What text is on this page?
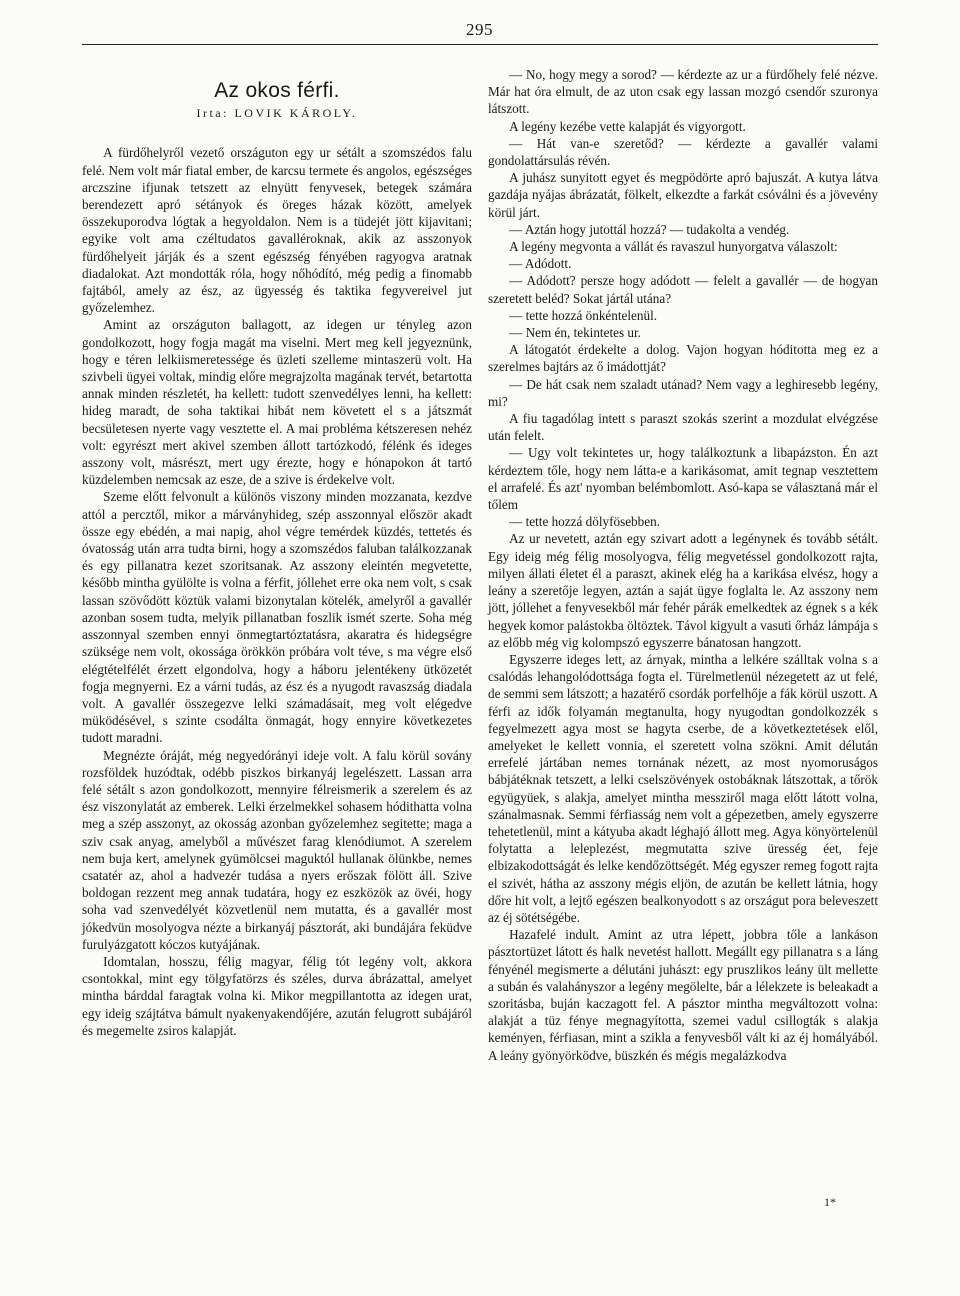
295
Az okos férfi.
Irta: LOVIK KÁROLY.

A fürdőhelyről vezető országuton egy ur sétált a szomszédos falu felé. Nem volt már fiatal ember, de karcsu termete és angolos, egészséges arczszine ifjunak tetszett az elnyütt fenyvesek, betegek számára berendezett apró sétányok és öreges házak között, amelyek összekuporodva lógtak a hegyoldalon. Nem is a tüdejét jött kijavitani; egyike volt ama czéltudatos gavalléroknak, akik az asszonyok fürdőhelyeit járják és a szent egészség fényében ragyogva aratnak diadalokat. Azt mondották róla, hogy nőhódító, még pedig a finomabb fajtából, amely az ész, az ügyesség és taktika fegyvereivel jut győzelemhez.

Amint az országuton ballagott, az idegen ur tényleg azon gondolkozott, hogy fogja magát ma viselni. Mert meg kell jegyeznünk, hogy e téren lelkiismeretessége és üzleti szelleme mintaszerü volt. Ha szivbeli ügyei voltak, mindig előre megrajzolta magának tervét, betartotta annak minden részletét, ha kellett: tudott szenvedélyes lenni, ha kellett: hideg maradt, de soha taktikai hibát nem követett el s a játszmát becsületesen nyerte vagy vesztette el. A mai probléma kétszeresen nehéz volt: egyrészt mert akivel szemben állott tartózkodó, félénk és ideges asszony volt, másrészt, mert ugy érezte, hogy e hónapokon át tartó küzdelemben nemcsak az esze, de a szive is érdekelve volt.

Szeme előtt felvonult a különös viszony minden mozzanata, kezdve attól a percztől, mikor a márványhideg, szép asszonnyal először akadt össze egy ebédén, a mai napig, ahol végre temérdek küzdés, tettetés és óvatosság után arra tudta birni, hogy a szomszédos faluban találkozzanak és egy pillanatra kezet szoritsanak. Az asszony eleintén megvetette, később mintha gyülölte is volna a férfit, jóllehet erre oka nem volt, s csak lassan szövődött köztük valami bizonytalan kötelék, amelyről a gavallér azonban sosem tudta, melyik pillanatban foszlik ismét szerte. Soha még asszonnyal szemben ennyi önmegtartóztatásra, akaratra és hidegségre szüksége nem volt, okossága örökkön próbára volt téve, s ma végre első elégtételfélét érzett elgondolva, hogy a háboru jelentékeny ütközetét fogja megnyerni. Ez a várni tudás, az ész és a nyugodt ravaszság diadala volt. A gavallér összegezve lelki számadásait, meg volt elégedve müködésével, s szinte csodálta önmagát, hogy ennyire következetes tudott maradni.

Megnézte óráját, még negyedórányi ideje volt. A falu körül sovány rozsföldek huzódtak, odébb piszkos birkanyáj legelészett. Lassan arra felé sétált s azon gondolkozott, mennyire félreismerik a szerelem és az ész viszonylatát az emberek. Lelki érzelmekkel sohasem hódithatta volna meg a szép asszonyt, az okosság azonban győzelemhez segitette; maga a sziv csak anyag, amelyből a művészet farag klenódiumot. A szerelem nem buja kert, amelynek gyümölcsei maguktól hullanak ölünkbe, nemes csatatér az, ahol a hadvezér tudása a nyers erőszak fölött áll. Szive boldogan rezzent meg annak tudatára, hogy ez eszközök az övéi, hogy soha vad szenvedélyét közvetlenül nem mutatta, és a gavallér most jókedvün mosolyogva nézte a birkanyáj pásztorát, aki bundájára feküdve furulyázgatott kóczos kutyájának.

Idomtalan, hosszu, félig magyar, félig tót legény volt, akkora csontokkal, mint egy tölgyfatörzs és széles, durva ábrázattal, amelyet mintha bárddal faragtak volna ki. Mikor megpillantotta az idegen urat, egy ideig szájtátva bámult nyakenyakendőjére, azután felugrott subájáról és megemelte zsiros kalapját.

— No, hogy megy a sorod? — kérdezte az ur a fürdőhely felé nézve. Már hat óra elmult, de az uton csak egy lassan mozgó csendőr szuronya látszott.

A legény kezébe vette kalapját és vigyorgott.

— Hát van-e szeretőd? — kérdezte a gavallér valami gondolattársulás révén.

A juhász sunyitott egyet és megpödörte apró bajuszát. A kutya látva gazdája nyájas ábrázatát, fölkelt, elkezdte a farkát csóválni és a jövevény körül járt.

— Aztán hogy jutottál hozzá? — tudakolta a vendég.

A legény megvonta a vállát és ravaszul hunyorgatva válaszolt:

— Adódott.

— Adódott? persze hogy adódott — felelt a gavallér — de hogyan szeretett beléd? Sokat jártál utána?

— tette hozzá önkéntelenül.

— Nem én, tekintetes ur.

A látogatót érdekelte a dolog. Vajon hogyan hóditotta meg ez a szerelmes bajtárs az ő imádottját?

— De hát csak nem szaladt utánad? Nem vagy a leghiresebb legény, mi?

A fiu tagadólag intett s paraszt szokás szerint a mozdulat elvégzése után felelt.

— Ugy volt tekintetes ur, hogy találkoztunk a libapázston. Én azt kérdeztem tőle, hogy nem látta-e a karikásomat, amit tegnap vesztettem el arrafelé. És azt' nyomban belémbomlott. Asó-kapa se választaná már el tőlem

— tette hozzá dölyfösebben.

Az ur nevetett, aztán egy szivart adott a legénynek és tovább sétált. Egy ideig még félig mosolyogva, félig megvetéssel gondolkozott rajta, milyen állati életet él a paraszt, akinek elég ha a karikása elvész, hogy a leány a szeretője legyen, aztán a saját ügye foglalta le. Az asszony nem jött, jóllehet a fenyvesekből már fehér párák emelkedtek az égnek s a kék hegyek komor palástokba öltöztek. Távol kigyult a vasuti őrház lámpája s az előbb még vig kolompszó egyszerre bánatosan hangzott.

Egyszerre ideges lett, az árnyak, mintha a lelkére szálltak volna s a csalódás lehangolódottsága fogta el. Türelmetlenül nézegetett az ut felé, de semmi sem látszott; a hazatérő csordák porfelhője a fák körül uszott. A férfi az idők folyamán megtanulta, hogy nyugodtan gondolkozzék s fegyelmezett agya most se hagyta cserbe, de a következtetések elől, amelyeket le kellett vonnia, el szeretett volna szökni. Amit délután errefelé jártában nemes tornának nézett, az most nyomoruságos bábjátéknak tetszett, a lelki cselszövények ostobáknak látszottak, a tőrök együgyüek, s alakja, amelyet mintha messziről maga előtt látott volna, szánalmasnak. Semmi férfiasság nem volt a gépezetben, amely egyszerre tehetetlenül, mint a kátyuba akadt léghajó állott meg. Agya könyörtelenül folytatta a leleplezést, megmutatta szive üresség éet, feje elbizakodottságát és lelke kendőzöttségét. Még egyszer remeg fogott rajta el szivét, hátha az asszony mégis eljön, de azután be kellett látnia, hogy dőre hit volt, a lejtő egészen bealkonyodott s az országut pora beleveszett az éj sötétségébe.

Hazafelé indult. Amint az utra lépett, jobbra tőle a lankáson pásztortüzet látott és halk nevetést hallott. Megállt egy pillanatra s a láng fényénél megismerte a délutáni juhászt: egy pruszlikos leány ült mellette a subán és valahányszor a legény megölelte, bár a lélekzete is beleakadt a szoritásba, buján kaczagott fel. A pásztor mintha megváltozott volna: alakját a tüz fénye megnagyította, szemei vadul csillogták s alakja keményen, férfiasan, mint a szikla a fenyvesből vált ki az éj homályából. A leány gyönyörködve, büszkén és mégis megalázkodva

1*
